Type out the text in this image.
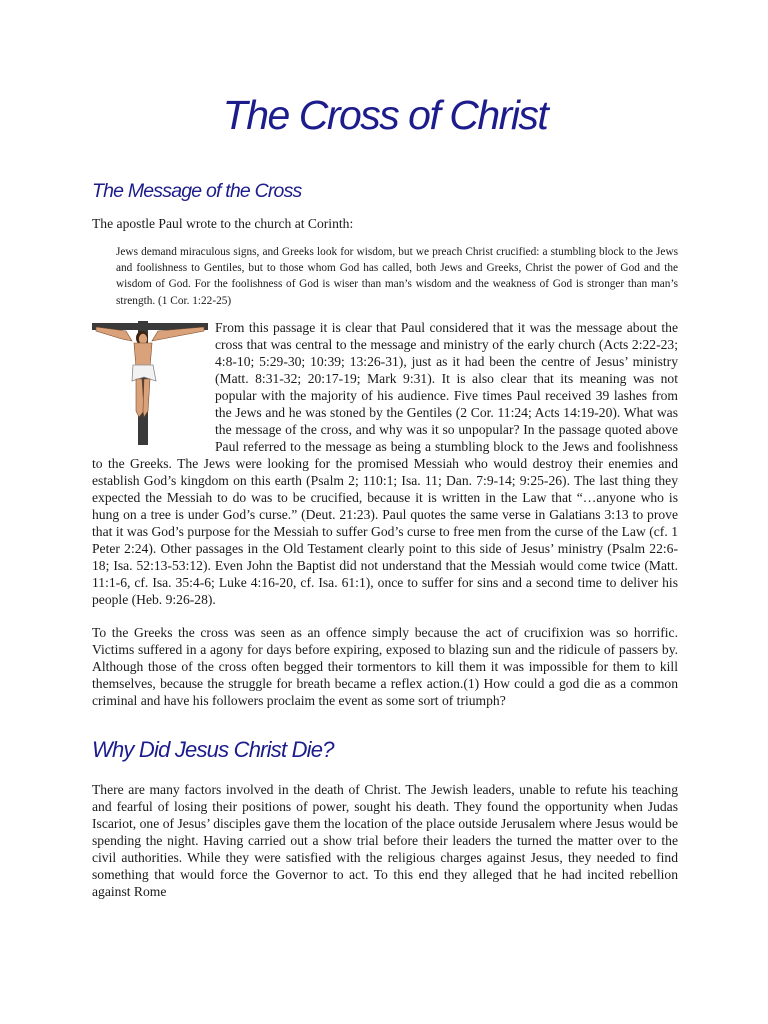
The Cross of Christ
The Message of the Cross

The apostle Paul wrote to the church at Corinth:

Jews demand miraculous signs, and Greeks look for wisdom, but we preach Christ crucified: a stumbling block to the Jews and foolishness to Gentiles, but to those whom God has called, both Jews and Greeks, Christ the power of God and the wisdom of God. For the foolishness of God is wiser than man’s wisdom and the weakness of God is stronger than man’s strength. (1 Cor. 1:22-25)

From this passage it is clear that Paul considered that it was the message about the cross that was central to the message and ministry of the early church (Acts 2:22-23; 4:8-10; 5:29-30; 10:39; 13:26-31), just as it had been the centre of Jesus’ ministry (Matt. 8:31-32; 20:17-19; Mark 9:31). It is also clear that its meaning was not popular with the majority of his audience. Five times Paul received 39 lashes from the Jews and he was stoned by the Gentiles (2 Cor. 11:24; Acts 14:19-20). What was the message of the cross, and why was it so unpopular? In the passage quoted above Paul referred to the message as being a stumbling block to the Jews and foolishness to the Greeks. The Jews were looking for the promised Messiah who would destroy their enemies and establish God’s kingdom on this earth (Psalm 2; 110:1; Isa. 11; Dan. 7:9-14; 9:25-26). The last thing they expected the Messiah to do was to be crucified, because it is written in the Law that “…anyone who is hung on a tree is under God’s curse.” (Deut. 21:23). Paul quotes the same verse in Galatians 3:13 to prove that it was God’s purpose for the Messiah to suffer God’s curse to free men from the curse of the Law (cf. 1 Peter 2:24). Other passages in the Old Testament clearly point to this side of Jesus’ ministry (Psalm 22:6-18; Isa. 52:13-53:12). Even John the Baptist did not understand that the Messiah would come twice (Matt. 11:1-6, cf. Isa. 35:4-6; Luke 4:16-20, cf. Isa. 61:1), once to suffer for sins and a second time to deliver his people (Heb. 9:26-28).

To the Greeks the cross was seen as an offence simply because the act of crucifixion was so horrific. Victims suffered in a agony for days before expiring, exposed to blazing sun and the ridicule of passers by. Although those of the cross often begged their tormentors to kill them it was impossible for them to kill themselves, because the struggle for breath became a reflex action.(1) How could a god die as a common criminal and have his followers proclaim the event as some sort of triumph?

Why Did Jesus Christ Die?

There are many factors involved in the death of Christ. The Jewish leaders, unable to refute his teaching and fearful of losing their positions of power, sought his death. They found the opportunity when Judas Iscariot, one of Jesus’ disciples gave them the location of the place outside Jerusalem where Jesus would be spending the night. Having carried out a show trial before their leaders the turned the matter over to the civil authorities. While they were satisfied with the religious charges against Jesus, they needed to find something that would force the Governor to act. To this end they alleged that he had incited rebellion against Rome
